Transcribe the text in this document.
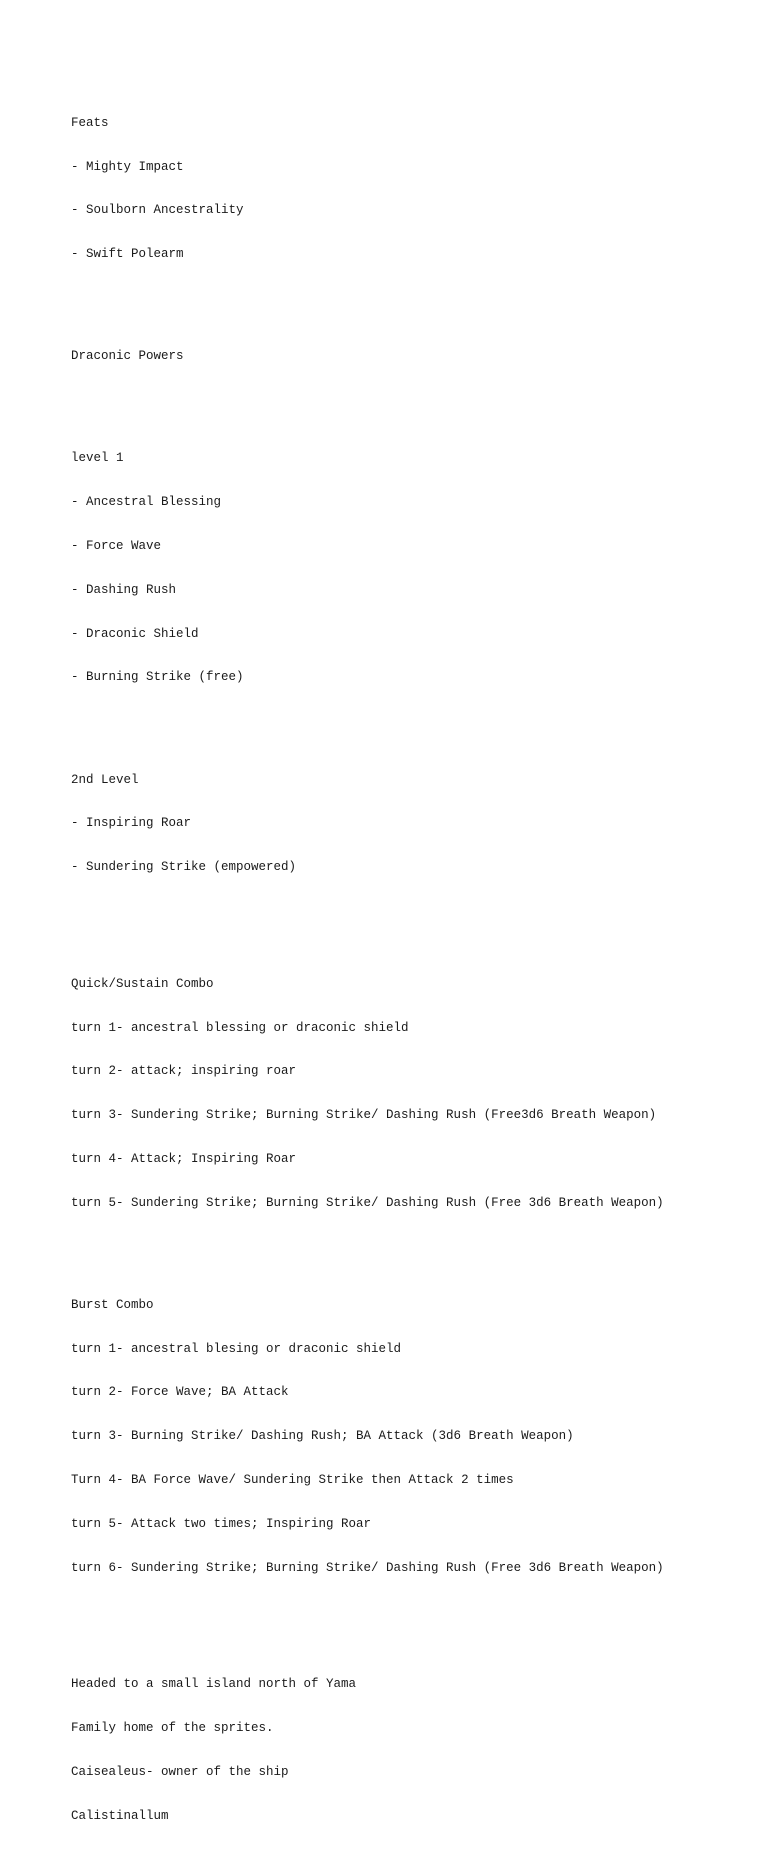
Feats

- Mighty Impact

- Soulborn Ancestrality

- Swift Polearm

Draconic Powers

level 1

- Ancestral Blessing

- Force Wave

- Dashing Rush

- Draconic Shield

- Burning Strike (free)

2nd Level

- Inspiring Roar

- Sundering Strike (empowered)

Quick/Sustain Combo

turn 1- ancestral blessing or draconic shield

turn 2- attack; inspiring roar

turn 3- Sundering Strike; Burning Strike/ Dashing Rush (Free3d6 Breath Weapon)

turn 4- Attack; Inspiring Roar

turn 5- Sundering Strike; Burning Strike/ Dashing Rush (Free 3d6 Breath Weapon)

Burst Combo

turn 1- ancestral blesing or draconic shield

turn 2- Force Wave; BA Attack

turn 3- Burning Strike/ Dashing Rush; BA Attack (3d6 Breath Weapon)

Turn 4- BA Force Wave/ Sundering Strike then Attack 2 times

turn 5- Attack two times; Inspiring Roar

turn 6- Sundering Strike; Burning Strike/ Dashing Rush (Free 3d6 Breath Weapon)

Headed to a small island north of Yama

Family home of the sprites.

Caisealeus- owner of the ship

Calistinallum
